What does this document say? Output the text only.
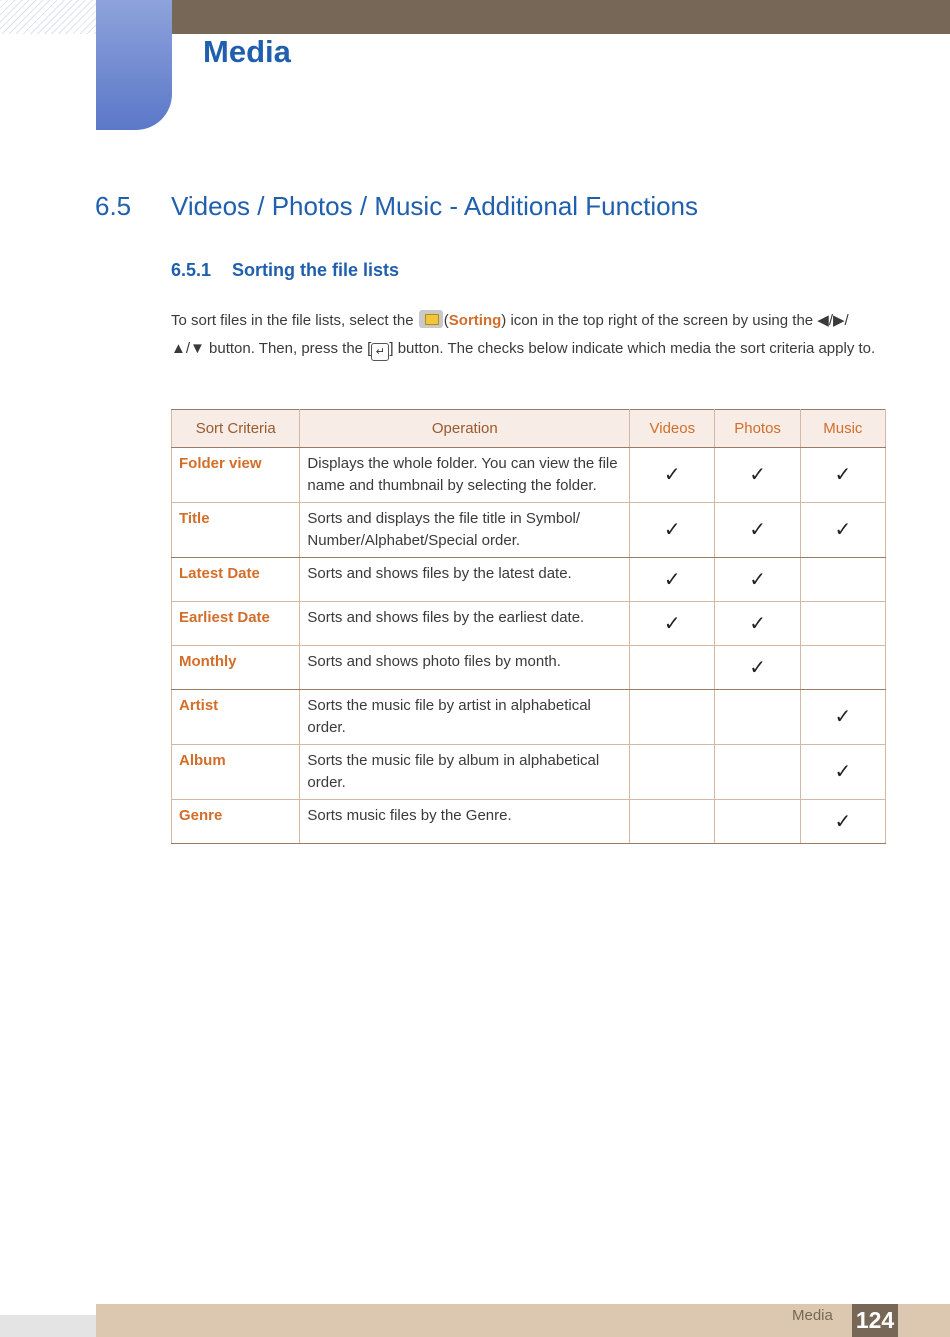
Media
6.5 Videos / Photos / Music - Additional Functions
6.5.1 Sorting the file lists
To sort files in the file lists, select the (Sorting) icon in the top right of the screen by using the ◀/▶/
▲/▼ button. Then, press the [ ↵ ] button. The checks below indicate which media the sort criteria apply to.
Sort Criteria	Operation	Videos	Photos	Music
Folder view	Displays the whole folder. You can view the file name and thumbnail by selecting the folder.	✓	✓	✓
Title	Sorts and displays the file title in Symbol/ Number/Alphabet/Special order.	✓	✓	✓
Latest Date	Sorts and shows files by the latest date.	✓	✓	
Earliest Date	Sorts and shows files by the earliest date.	✓	✓	
Monthly	Sorts and shows photo files by month.		✓	
Artist	Sorts the music file by artist in alphabetical order.			✓
Album	Sorts the music file by album in alphabetical order.			✓
Genre	Sorts music files by the Genre.			✓
Media 124
